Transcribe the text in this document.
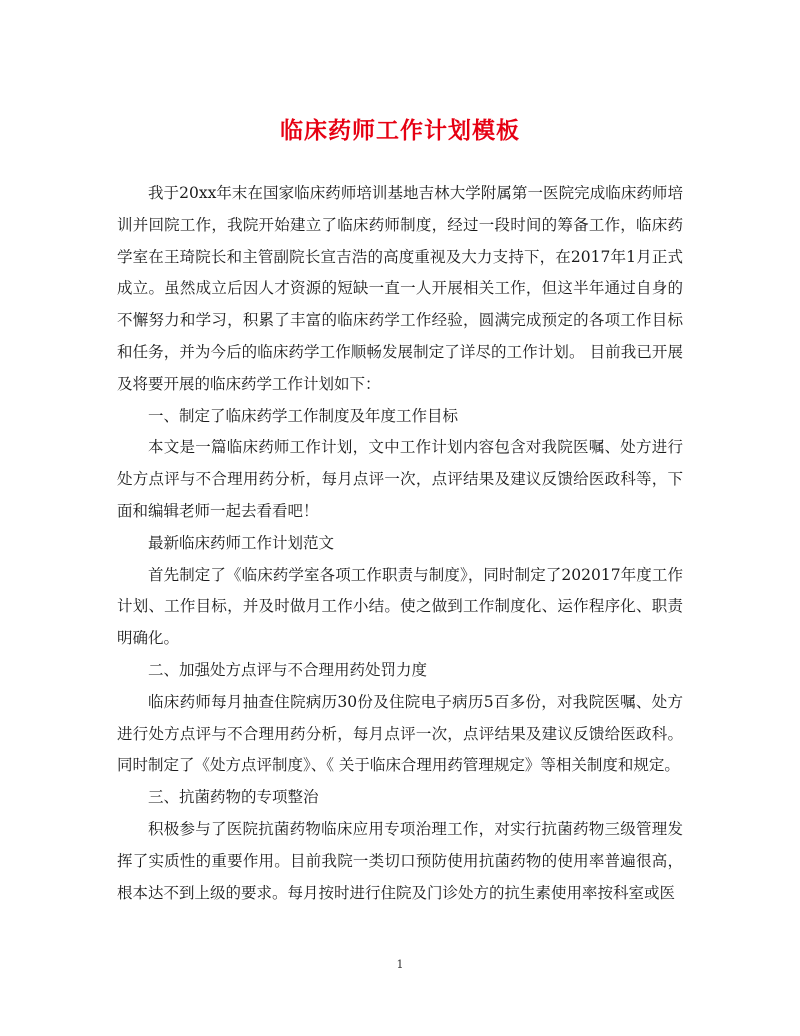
临床药师工作计划模板

我于20xx年末在国家临床药师培训基地吉林大学附属第一医院完成临床药师培训并回院工作，我院开始建立了临床药师制度，经过一段时间的筹备工作，临床药学室在王琦院长和主管副院长宣吉浩的高度重视及大力支持下，在2017年1月正式成立。虽然成立后因人才资源的短缺一直一人开展相关工作，但这半年通过自身的不懈努力和学习，积累了丰富的临床药学工作经验，圆满完成预定的各项工作目标和任务，并为今后的临床药学工作顺畅发展制定了详尽的工作计划。 目前我已开展及将要开展的临床药学工作计划如下：

一、制定了临床药学工作制度及年度工作目标

本文是一篇临床药师工作计划，文中工作计划内容包含对我院医嘱、处方进行处方点评与不合理用药分析，每月点评一次，点评结果及建议反馈给医政科等，下面和编辑老师一起去看看吧！

最新临床药师工作计划范文

首先制定了《临床药学室各项工作职责与制度》，同时制定了202017年度工作计划、工作目标，并及时做月工作小结。使之做到工作制度化、运作程序化、职责明确化。

二、加强处方点评与不合理用药处罚力度

临床药师每月抽查住院病历30份及住院电子病历5百多份，对我院医嘱、处方进行处方点评与不合理用药分析，每月点评一次，点评结果及建议反馈给医政科。同时制定了《处方点评制度》、《 关于临床合理用药管理规定》等相关制度和规定。

三、抗菌药物的专项整治

积极参与了医院抗菌药物临床应用专项治理工作，对实行抗菌药物三级管理发挥了实质性的重要作用。目前我院一类切口预防使用抗菌药物的使用率普遍很高，根本达不到上级的要求。每月按时进行住院及门诊处方的抗生素使用率按科室或医

1
